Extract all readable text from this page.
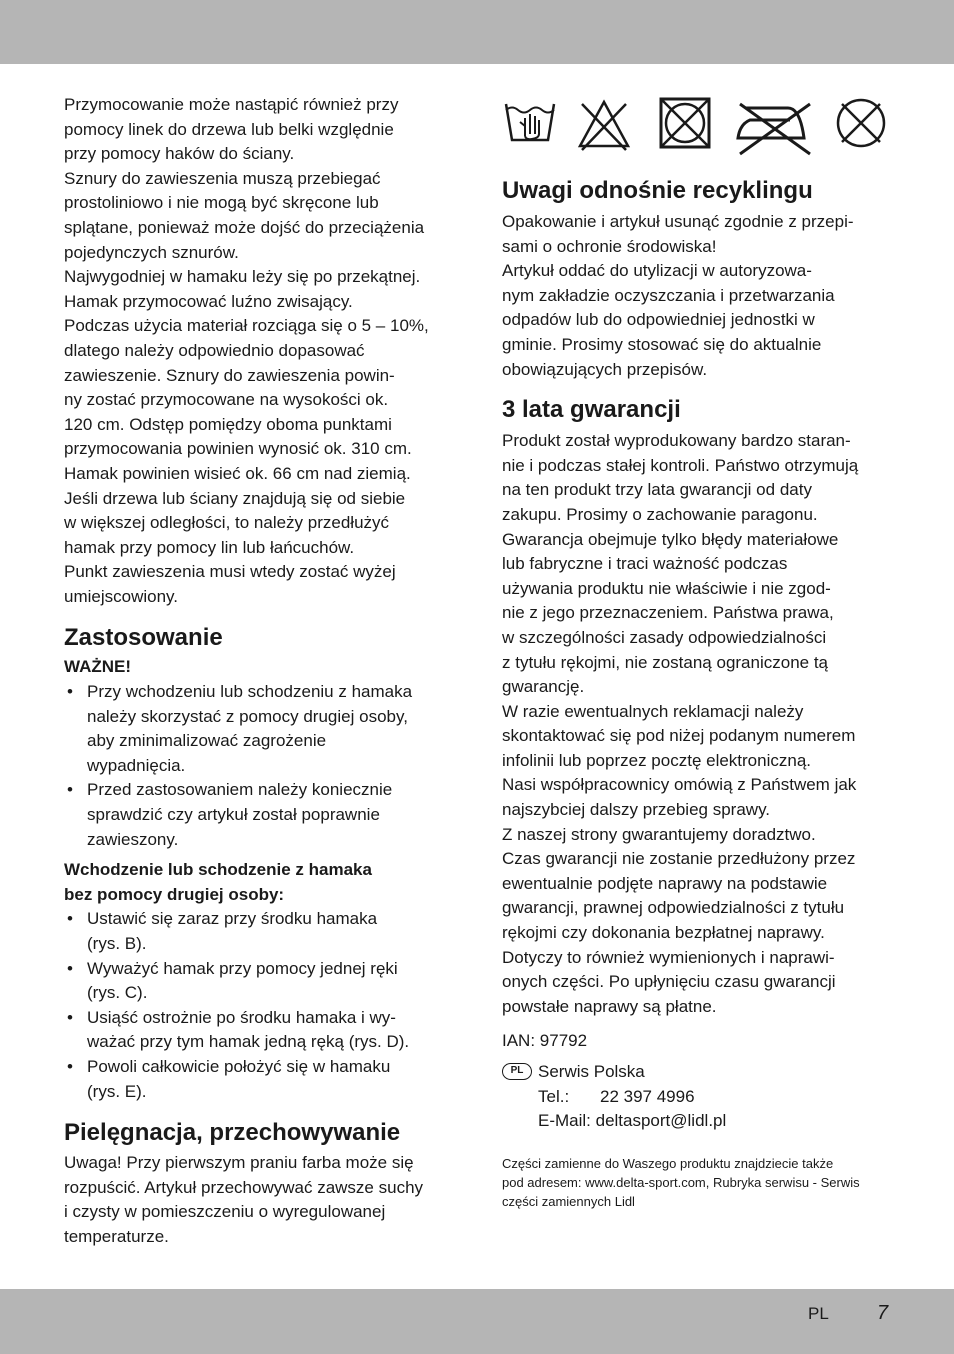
Przymocowanie może nastąpić również przy
pomocy linek do drzewa lub belki względnie
przy pomocy haków do ściany.
Sznury do zawieszenia muszą przebiegać
prostoliniowo i nie mogą być skręcone lub
splątane, ponieważ może dojść do przeciążenia
pojedynczych sznurów.
Najwygodniej w hamaku leży się po przekątnej.
Hamak przymocować luźno zwisający.
Podczas użycia materiał rozciąga się o 5 – 10%,
dlatego należy odpowiednio dopasować
zawieszenie. Sznury do zawieszenia powin-
ny zostać przymocowane na wysokości ok.
120 cm. Odstęp pomiędzy oboma punktami
przymocowania powinien wynosić ok. 310 cm.
Hamak powinien wisieć ok. 66 cm nad ziemią.
Jeśli drzewa lub ściany znajdują się od siebie
w większej odległości, to należy przedłużyć
hamak przy pomocy lin lub łańcuchów.
Punkt zawieszenia musi wtedy zostać wyżej
umiejscowiony.
Zastosowanie

WAŻNE!

• Przy wchodzeniu lub schodzeniu z hamaka
należy skorzystać z pomocy drugiej osoby,
aby zminimalizować zagrożenie
wypadnięcia.
• Przed zastosowaniem należy koniecznie
sprawdzić czy artykuł został poprawnie
zawieszony.

Wchodzenie lub schodzenie z hamaka
bez pomocy drugiej osoby:

• Ustawić się zaraz przy środku hamaka
(rys. B).
• Wyważyć hamak przy pomocy jednej ręki
(rys. C).
• Usiąść ostrożnie po środku hamaka i wy-
ważać przy tym hamak jedną ręką (rys. D).
• Powoli całkowicie położyć się w hamaku
(rys. E).
Pielęgnacja, przechowywanie
Uwaga! Przy pierwszym praniu farba może się
rozpuścić. Artykuł przechowywać zawsze suchy
i czysty w pomieszczeniu o wyregulowanej
temperaturze.
Uwagi odnośnie recyklingu
Opakowanie i artykuł usunąć zgodnie z przepi-
sami o ochronie środowiska!
Artykuł oddać do utylizacji w autoryzowa-
nym zakładzie oczyszczania i przetwarzania
odpadów lub do odpowiedniej jednostki w
gminie. Prosimy stosować się do aktualnie
obowiązujących przepisów.
3 lata gwarancji
Produkt został wyprodukowany bardzo staran-
nie i podczas stałej kontroli. Państwo otrzymują
na ten produkt trzy lata gwarancji od daty
zakupu. Prosimy o zachowanie paragonu.
Gwarancja obejmuje tylko błędy materiałowe
lub fabryczne i traci ważność podczas
używania produktu nie właściwie i nie zgod-
nie z jego przeznaczeniem. Państwa prawa,
w szczególności zasady odpowiedzialności
z tytułu rękojmi, nie zostaną ograniczone tą
gwarancję.
W razie ewentualnych reklamacji należy
skontaktować się pod niżej podanym numerem
infolinii lub poprzez pocztę elektroniczną.
Nasi współpracownicy omówią z Państwem jak
najszybciej dalszy przebieg sprawy.
Z naszej strony gwarantujemy doradztwo.
Czas gwarancji nie zostanie przedłużony przez
ewentualnie podjęte naprawy na podstawie
gwarancji, prawnej odpowiedzialności z tytułu
rękojmi czy dokonania bezpłatnej naprawy.
Dotyczy to również wymienionych i naprawi-
onych części. Po upłynięciu czasu gwarancji
powstałe naprawy są płatne.

IAN: 97792

PL Serwis Polska

Tel.: 22 397 4996

E-Mail: deltasport@lidl.pl

Części zamienne do Waszego produktu znajdziecie także
pod adresem: www.delta-sport.com, Rubryka serwisu - Serwis
części zamiennych Lidl
PL 7
